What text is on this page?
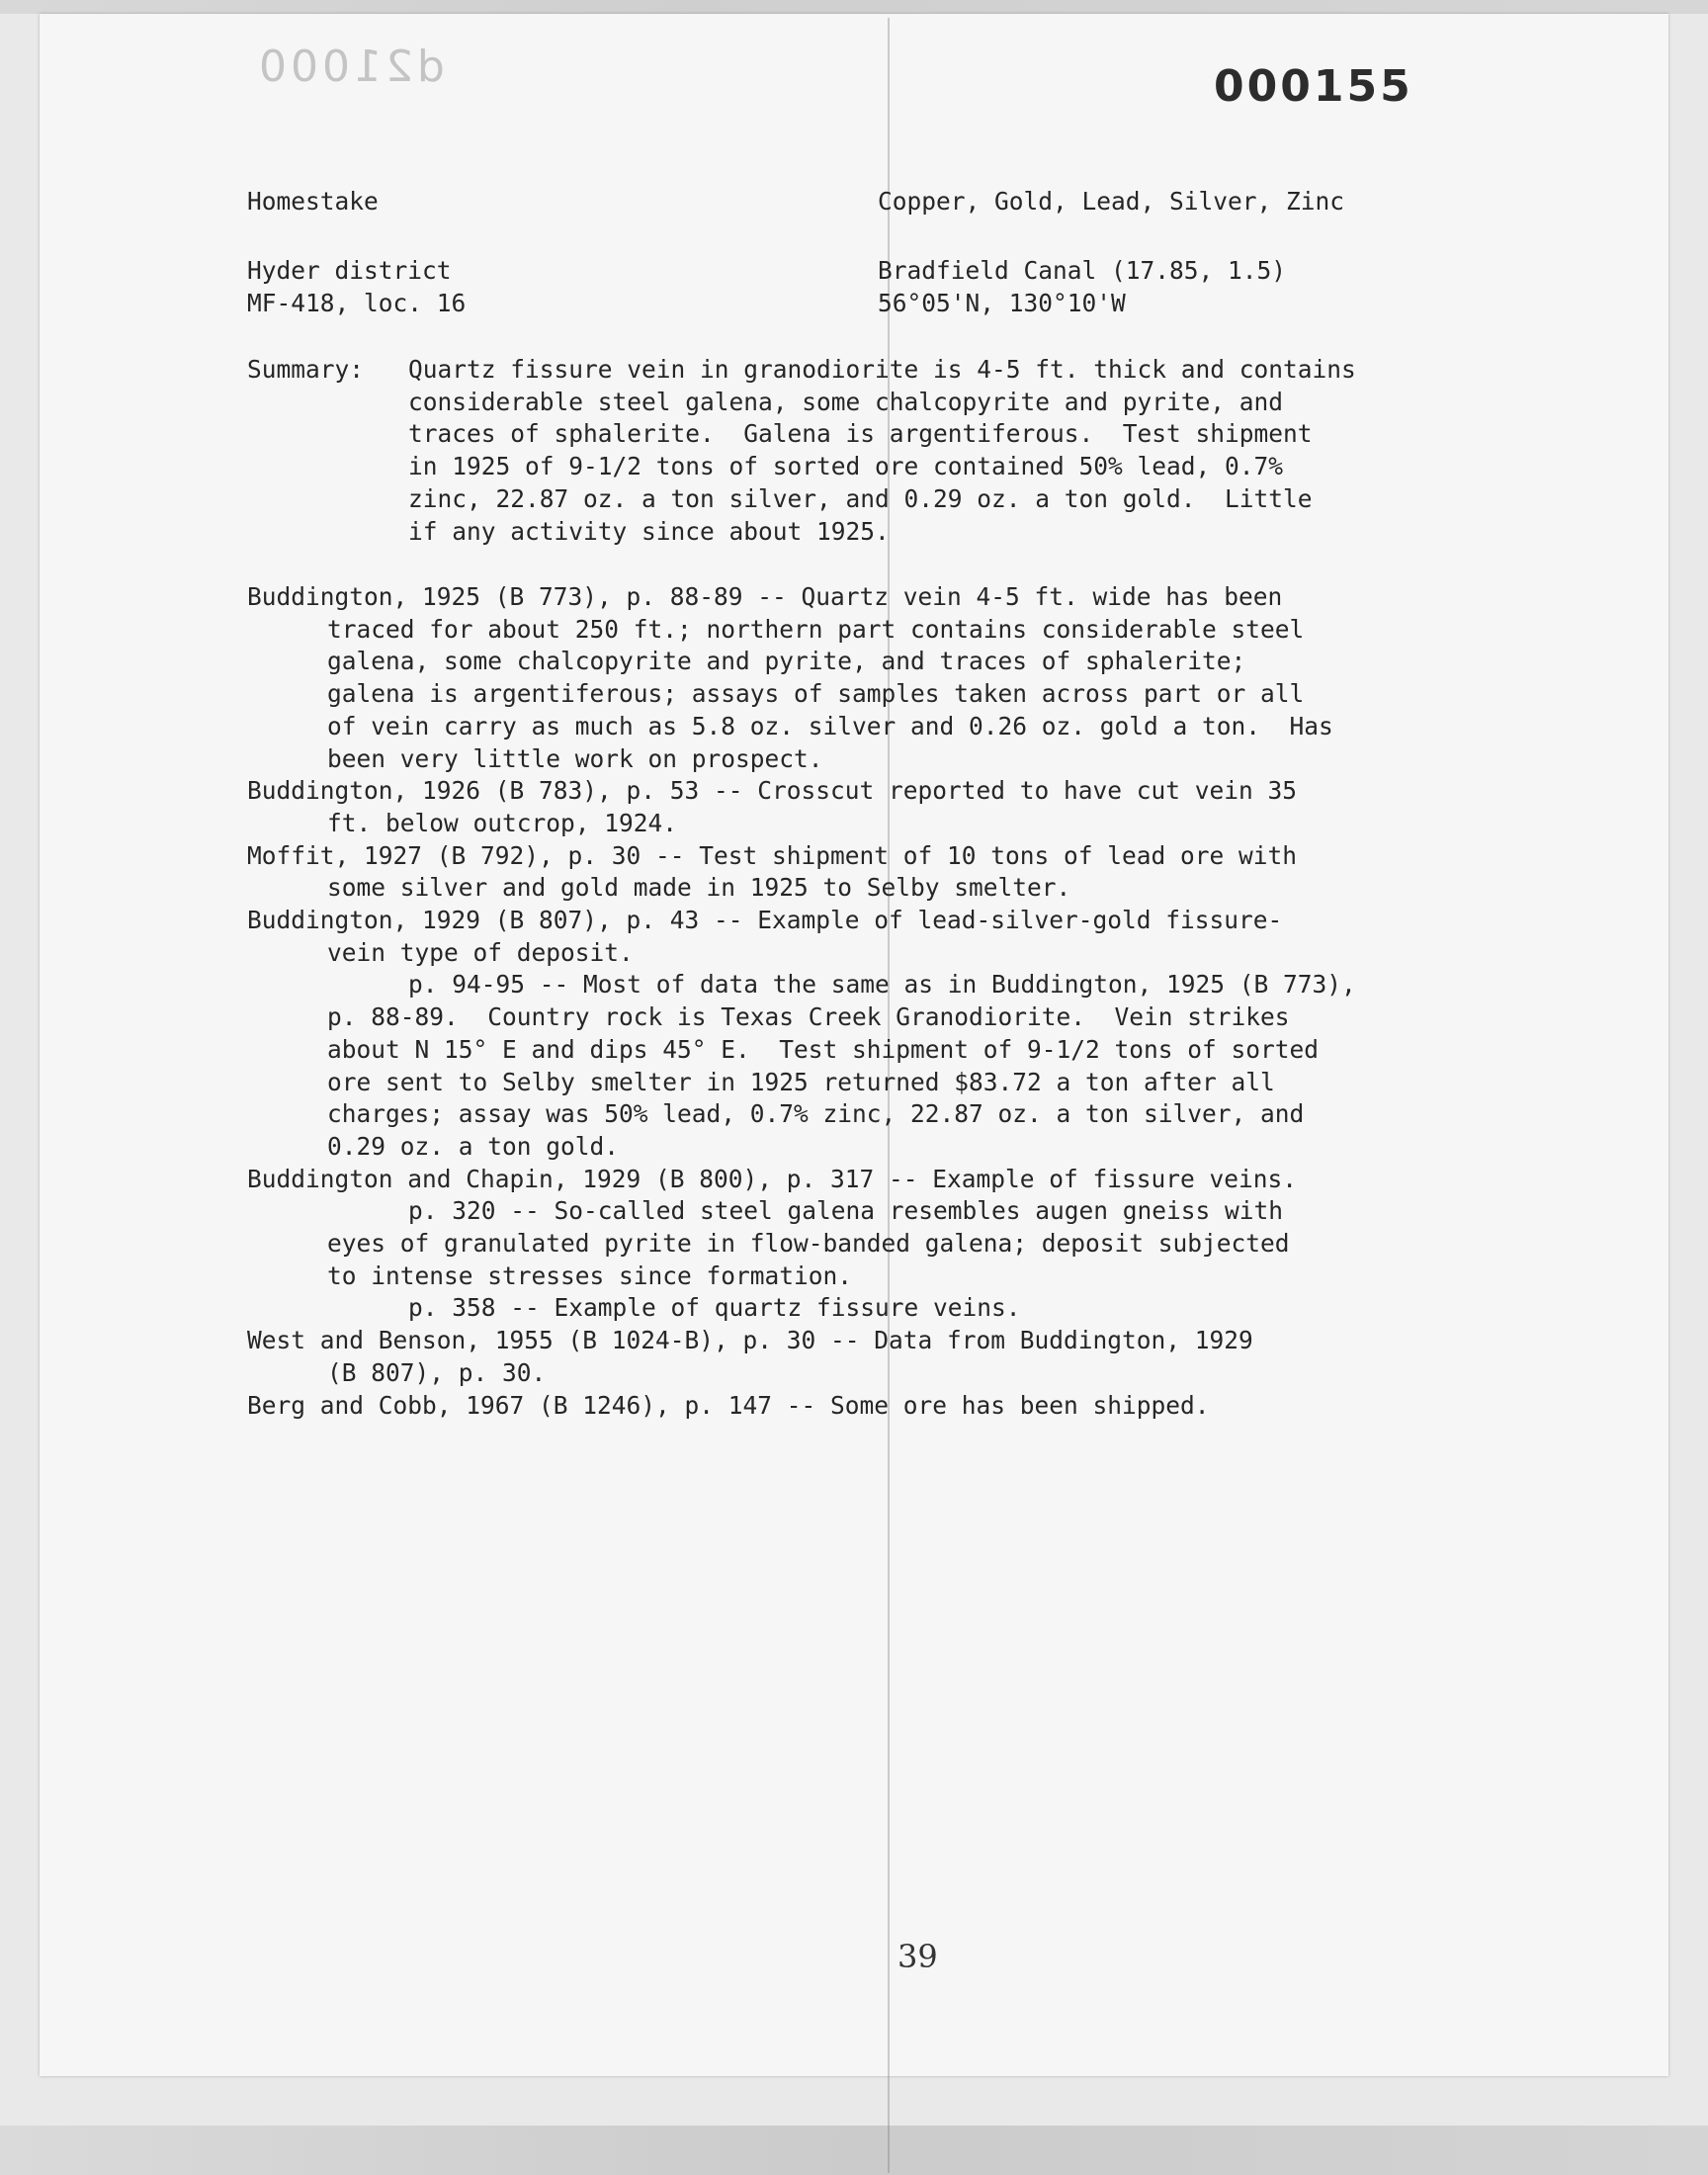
d21000	000155
Homestake	Copper, Gold, Lead, Silver, Zinc
Hyder district
MF-418, loc. 16
Bradfield Canal (17.85, 1.5)
56°05'N, 130°10'W
Summary: Quartz fissure vein in granodiorite is 4-5 ft. thick and contains
considerable steel galena, some chalcopyrite and pyrite, and
traces of sphalerite.  Galena is argentiferous.  Test shipment
in 1925 of 9-1/2 tons of sorted ore contained 50% lead, 0.7%
zinc, 22.87 oz. a ton silver, and 0.29 oz. a ton gold.  Little
if any activity since about 1925.
Buddington, 1925 (B 773), p. 88-89 -- Quartz vein 4-5 ft. wide has been
traced for about 250 ft.; northern part contains considerable steel
galena, some chalcopyrite and pyrite, and traces of sphalerite;
galena is argentiferous; assays of samples taken across part or all
of vein carry as much as 5.8 oz. silver and 0.26 oz. gold a ton.  Has
been very little work on prospect.
Buddington, 1926 (B 783), p. 53 -- Crosscut reported to have cut vein 35
ft. below outcrop, 1924.
Moffit, 1927 (B 792), p. 30 -- Test shipment of 10 tons of lead ore with
some silver and gold made in 1925 to Selby smelter.
Buddington, 1929 (B 807), p. 43 -- Example of lead-silver-gold fissure-
vein type of deposit.
p. 94-95 -- Most of data the same as in Buddington, 1925 (B 773),
p. 88-89.  Country rock is Texas Creek Granodiorite.  Vein strikes
about N 15° E and dips 45° E.  Test shipment of 9-1/2 tons of sorted
ore sent to Selby smelter in 1925 returned $83.72 a ton after all
charges; assay was 50% lead, 0.7% zinc, 22.87 oz. a ton silver, and
0.29 oz. a ton gold.
Buddington and Chapin, 1929 (B 800), p. 317 -- Example of fissure veins.
p. 320 -- So-called steel galena resembles augen gneiss with
eyes of granulated pyrite in flow-banded galena; deposit subjected
to intense stresses since formation.
p. 358 -- Example of quartz fissure veins.
West and Benson, 1955 (B 1024-B), p. 30 -- Data from Buddington, 1929
(B 807), p. 30.
Berg and Cobb, 1967 (B 1246), p. 147 -- Some ore has been shipped.
39
